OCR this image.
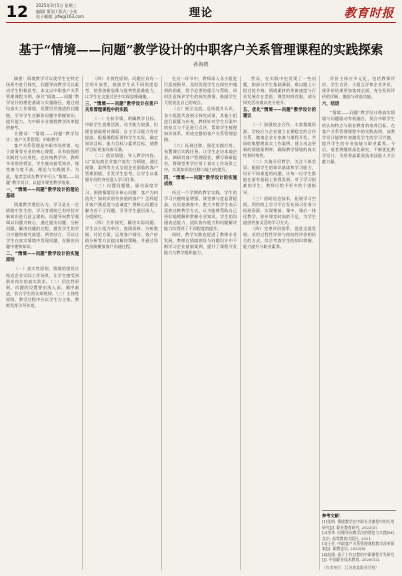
12 2025年3月5日 星期三
编辑/ 策划 / 版式: 小张
电子邮箱: jsfw@163.com	理论	教育时报
基于“情境——问题”教学设计的中职客户关系管理课程的实践探索
孙海鸥

摘要：情境教学可以使学生在特定场景中进行探究，问题导向教学可以驱动学生积极思考。本文以中职客户关系管理课程为例，探讨“情境——问题”教学设计的理论基础与实施路径，通过创设真实工作情境，设置层层递进的问题链，引导学生在解决问题中掌握知识、提升能力，为中职专业课程教学改革提供参考。

关键词：“情境——问题”教学设计；客户关系管理；中职教学

客户关系管理是中职市场营销、电子商务等专业的核心课程，具有较强的实践性与应用性。在传统教学中，教师多采用讲授法，学生被动接受知识，课堂参与度不高，理论与实践脱节。为此，笔者尝试在教学中引入“情境——问题”教学设计，以提升课堂教学效果。

一、“情境——问题”教学设计的理论基础

情境教学理论认为，学习是在一定情境中发生的，学习者借助已有经验对新知识进行意义建构。问题导向教学强调以问题为核心，通过提出问题、分析问题、解决问题的过程，激发学生的学习兴趣和探究欲望。两者结合，可以让学生在真实情境中发现问题，在解决问题中建构知识。

二、“情境——问题”教学设计的实施原则

（一）真实性原则。情境的创设应贴近企业实际工作场景，让学生感受到职业岗位的真实需求。（二）层次性原则。问题的设置要由浅入深、循序渐进，符合学生的认知规律。（三）主体性原则。教学过程中应以学生为主体，教师发挥引导作用。

（四）开放性原则。问题应具有一定的开放性，鼓励学生从不同角度思考，培养创新思维与批判性思维能力，让学生在交流讨论中实现思维碰撞。

三、“情境——问题”教学设计在客户关系管理课程中的实践

（一）分析学情，明确教学目标。中职学生思维活跃，动手能力较强，但理论基础相对薄弱，自主学习能力有待提高。根据课程标准和学生实际，确定知识目标、能力目标与素养目标，使教学目标更加具体可测。

（二）创设情境，导入教学内容。以“某电商企业客户流失”为情境，通过视频、案例等方式呈现企业面临的客户管理困境，引发学生思考，让学生以客服专员的身份进入学习任务。

（三）设置问题链，驱动深度学习。围绕情境设计核心问题：客户为何流失？如何识别有价值的客户？怎样提升客户满意度与忠诚度？将核心问题分解为若干子问题，引导学生逐层深入、分组探究。

（四）合作探究，解决实际问题。学生以小组为单位，查阅资料、分析数据、讨论方案，运用客户细分、客户价值分析等方法提出解决策略，并通过角色扮演模拟客户沟通过程。

在这一环节中，教师深入各小组进行巡视指导，及时发现学生在探究中遇到的困难，给予必要的提示与帮助，同时注意保护学生的探究热情，鼓励学生大胆表达自己的观点。

（五）展示交流，总结提升认识。各小组派代表展示探究成果，其他小组进行质疑与补充，教师针对学生方案中的亮点与不足进行点评，帮助学生梳理知识体系，形成完整的客户关系管理思路。

（六）拓展迁移，强化实践应用。布置课后实践任务，让学生走访本地企业，调研其客户管理现状，撰写调研报告，将课堂所学应用于真实工作场景之中，实现知识的迁移与能力的提升。

四、“情境——问题”教学设计的实施成效

经过一个学期的教学实践，学生的学习兴趣明显增强，课堂参与度显著提高。在问卷调查中，绝大多数学生表示喜欢这种教学方式，认为能够帮助自己更好地理解和掌握专业知识。学生的沟通表达能力、团队协作能力和问题解决能力均得到了不同程度的提升。

同时，教学实践也促进了教师专业发展。教师在情境创设与问题设计中不断学习企业最新案例，提升了课程开发能力与教学组织能力。

然而，在实践中也发现了一些问题，如部分学生基础薄弱，难以跟上小组讨论节奏；情境素材的更新速度与行业发展存在差距；课堂时间有限，部分探究活动难以充分展开。

五、优化“情境——问题”教学设计的建议

（一）加强校企合作，丰富情境资源。学校应与企业建立长期稳定的合作关系，邀请企业专家参与课程开发，共同收集整理真实工作案例，建立动态更新的情境案例库，确保教学情境的真实性和时效性。

（二）实施分层教学，关注个体差异。根据学生的知识基础和学习能力，设计不同难度的问题，让每一位学生都能在原有基础上获得发展。对于学习困难的学生，教师应给予更多的个别指导。

（三）借助信息技术，拓展学习空间。利用线上学习平台发布预习任务与拓展资源，实现课前、课中、课后一体化教学，弥补课堂时间的不足，为学生提供更加灵活的学习方式。

（四）完善评价体系，促进全面发展。采用过程性评价与终结性评价相结合的方式，综合考查学生的知识掌握、能力提升与职业素养。

评价主体应多元化，包括教师评价、学生自评、小组互评和企业评价，使评价结果更加客观全面，充分发挥评价的诊断、激励与改进功能。

六、结语

“情境——问题”教学设计将真实情境与问题驱动有机融合，契合中职学生的认知特点与职业教育的培养目标。在客户关系管理课程中的实践表明，该教学设计能够有效激发学生的学习兴趣，提升学生的专业技能与职业素养。今后，笔者将继续深化研究，不断优化教学设计，为培养高素质技术技能人才贡献力量。

参考文献：

[1]张明. 情境教学在中职专业课程中的应用研究[J]. 职业教育研究, 2022(5).

[2]李华. 问题导向教学法的理论与实践[M]. 北京: 高等教育出版社, 2021.

[3]王芳. 中职客户关系管理课程教学改革探索[J]. 职教论坛, 2023(8).

[4]赵刚. 基于工作过程的中职课程开发研究[J]. 中国职业技术教育, 2020(12).

（作者单位：江苏省某职业学校）
